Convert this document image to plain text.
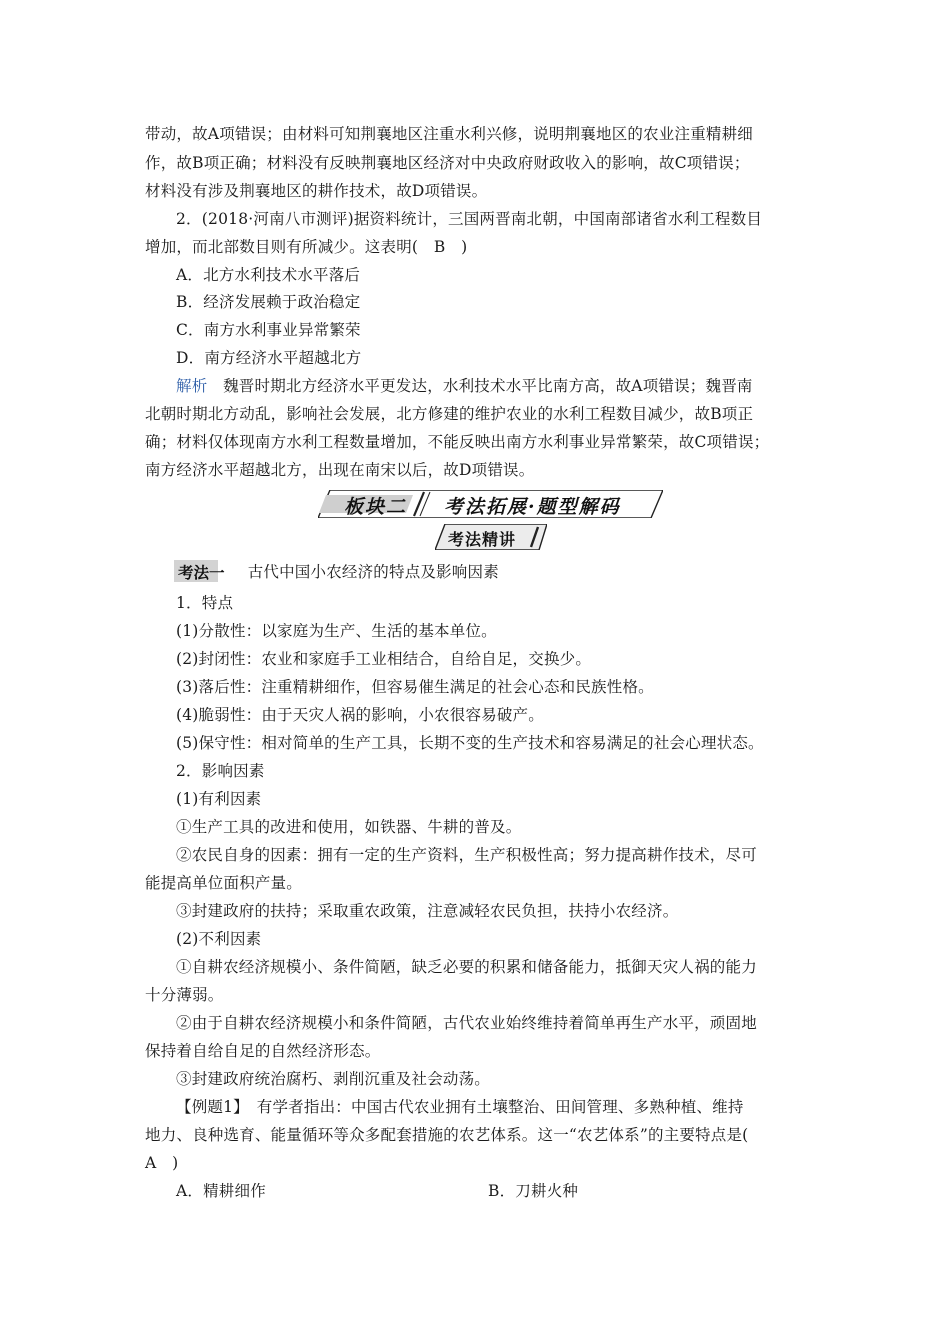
带动，故A项错误；由材料可知荆襄地区注重水利兴修，说明荆襄地区的农业注重精耕细
作，故B项正确；材料没有反映荆襄地区经济对中央政府财政收入的影响，故C项错误；
材料没有涉及荆襄地区的耕作技术，故D项错误。
2．(2018·河南八市测评)据资料统计，三国两晋南北朝，中国南部诸省水利工程数目
增加，而北部数目则有所减少。这表明(　B　)
A．北方水利技术水平落后
B．经济发展赖于政治稳定
C．南方水利事业异常繁荣
D．南方经济水平超越北方
解析　魏晋时期北方经济水平更发达，水利技术水平比南方高，故A项错误；魏晋南
北朝时期北方动乱，影响社会发展，北方修建的维护农业的水利工程数目减少，故B项正
确；材料仅体现南方水利工程数量增加，不能反映出南方水利事业异常繁荣，故C项错误；
南方经济水平超越北方，出现在南宋以后，故D项错误。
板块二 考法拓展·题型解码
考法精讲
考法一 　古代中国小农经济的特点及影响因素
1．特点
(1)分散性：以家庭为生产、生活的基本单位。
(2)封闭性：农业和家庭手工业相结合，自给自足，交换少。
(3)落后性：注重精耕细作，但容易催生满足的社会心态和民族性格。
(4)脆弱性：由于天灾人祸的影响，小农很容易破产。
(5)保守性：相对简单的生产工具，长期不变的生产技术和容易满足的社会心理状态。
2．影响因素
(1)有利因素
①生产工具的改进和使用，如铁器、牛耕的普及。
②农民自身的因素：拥有一定的生产资料，生产积极性高；努力提高耕作技术，尽可
能提高单位面积产量。
③封建政府的扶持；采取重农政策，注意减轻农民负担，扶持小农经济。
(2)不利因素
①自耕农经济规模小、条件简陋，缺乏必要的积累和储备能力，抵御天灾人祸的能力
十分薄弱。
②由于自耕农经济规模小和条件简陋，古代农业始终维持着简单再生产水平，顽固地
保持着自给自足的自然经济形态。
③封建政府统治腐朽、剥削沉重及社会动荡。
【例题1】　有学者指出：中国古代农业拥有土壤整治、田间管理、多熟种植、维持
地力、良种选育、能量循环等众多配套措施的农艺体系。这一“农艺体系”的主要特点是(
A　)
A．精耕细作	B．刀耕火种
